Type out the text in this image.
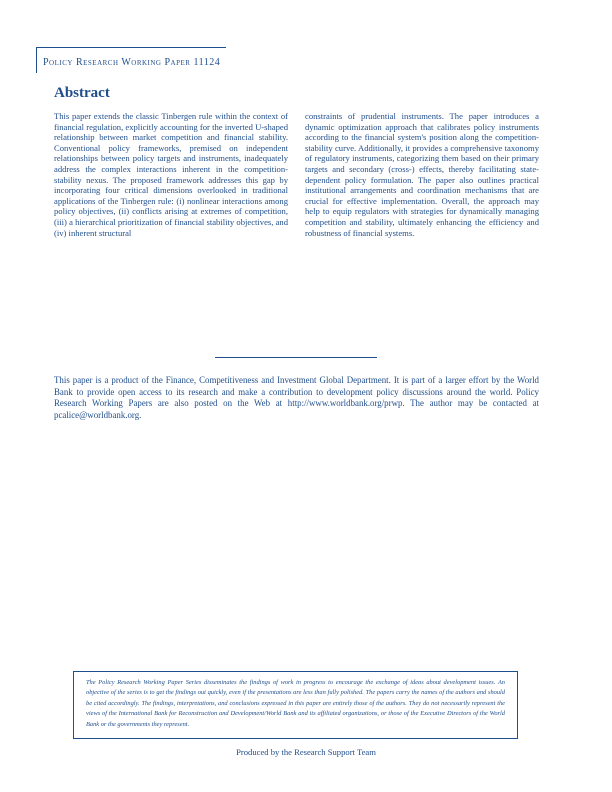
Policy Research Working Paper 11124
Abstract

This paper extends the classic Tinbergen rule within the context of financial regulation, explicitly accounting for the inverted U-shaped relationship between market competition and financial stability. Conventional policy frameworks, premised on independent relationships between policy targets and instruments, inadequately address the complex interactions inherent in the competition-stability nexus. The proposed framework addresses this gap by incorporating four critical dimensions overlooked in traditional applications of the Tinbergen rule: (i) nonlinear interactions among policy objectives, (ii) conflicts arising at extremes of competition, (iii) a hierarchical prioritization of financial stability objectives, and (iv) inherent structural

constraints of prudential instruments. The paper introduces a dynamic optimization approach that calibrates policy instruments according to the financial system's position along the competition-stability curve. Additionally, it provides a comprehensive taxonomy of regulatory instruments, categorizing them based on their primary targets and secondary (cross-) effects, thereby facilitating state-dependent policy formulation. The paper also outlines practical institutional arrangements and coordination mechanisms that are crucial for effective implementation. Overall, the approach may help to equip regulators with strategies for dynamically managing competition and stability, ultimately enhancing the efficiency and robustness of financial systems.

This paper is a product of the Finance, Competitiveness and Investment Global Department. It is part of a larger effort by the World Bank to provide open access to its research and make a contribution to development policy discussions around the world. Policy Research Working Papers are also posted on the Web at http://www.worldbank.org/prwp. The author may be contacted at pcalice@worldbank.org.

The Policy Research Working Paper Series disseminates the findings of work in progress to encourage the exchange of ideas about development issues. An objective of the series is to get the findings out quickly, even if the presentations are less than fully polished. The papers carry the names of the authors and should be cited accordingly. The findings, interpretations, and conclusions expressed in this paper are entirely those of the authors. They do not necessarily represent the views of the International Bank for Reconstruction and Development/World Bank and its affiliated organizations, or those of the Executive Directors of the World Bank or the governments they represent.

Produced by the Research Support Team
